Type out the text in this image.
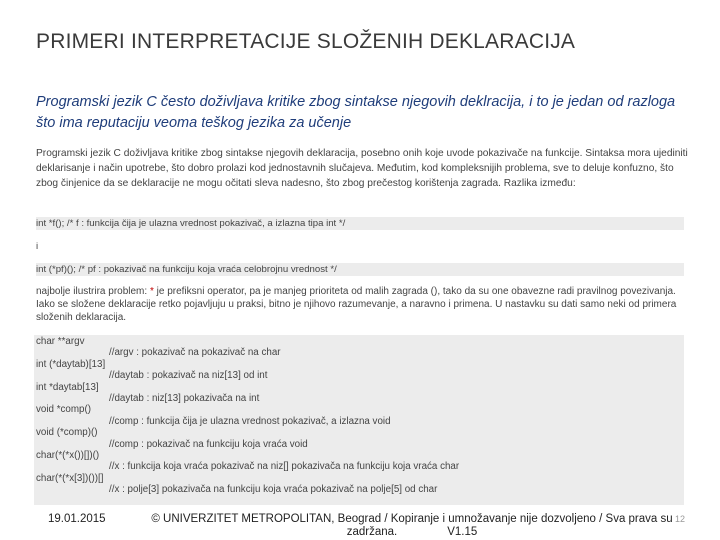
PRIMERI INTERPRETACIJE SLOŽENIH DEKLARACIJA
Programski jezik C često doživljava kritike zbog sintakse njegovih deklracija, i to je jedan od razloga što ima reputaciju veoma teškog jezika za učenje
Programski jezik C doživljava kritike zbog sintakse njegovih deklaracija, posebno onih koje uvode pokazivače na funkcije. Sintaksa mora ujediniti deklarisanje i način upotrebe, što dobro prolazi kod jednostavnih slučajeva. Međutim, kod kompleksnijih problema, sve to deluje konfuzno, što zbog činjenice da se deklaracije ne mogu očitati sleva nadesno, što zbog prečestog korištenja zagrada. Razlika između:
int *f(); /* f : funkcija čija je ulazna vrednost pokazivač, a izlazna tipa int */
i
int (*pf)(); /* pf : pokazivač na funkciju koja vraća celobrojnu vrednost */
najbolje ilustrira problem: * je prefiksni operator, pa je manjeg prioriteta od malih zagrada (), tako da su one obavezne radi pravilnog povezivanja. Iako se složene deklaracije retko pojavljuju u praksi, bitno je njihovo razumevanje, a naravno i primena. U nastavku su dati samo neki od primera složenih deklaracija.
char **argv
//argv : pokazivač na pokazivač na char
int (*daytab)[13]
//daytab : pokazivač na niz[13] od int
int *daytab[13]
//daytab : niz[13] pokazivača na int
void *comp()
//comp : funkcija čija je ulazna vrednost pokazivač, a izlazna void
void (*comp)()
//comp : pokazivač na funkciju koja vraća void
char(*(*x())[])()
//x : funkcija koja vraća pokazivač na niz[] pokazivača na funkciju koja vraća char
char(*(*x[3])())[]
//x : polje[3] pokazivača na funkciju koja vraća pokazivač na polje[5] od char
19.01.2015	© UNIVERZITET METROPOLITAN, Beograd / Kopiranje i umnožavanje nije dozvoljeno / Sva prava su
zadržana.	V1.15
12
